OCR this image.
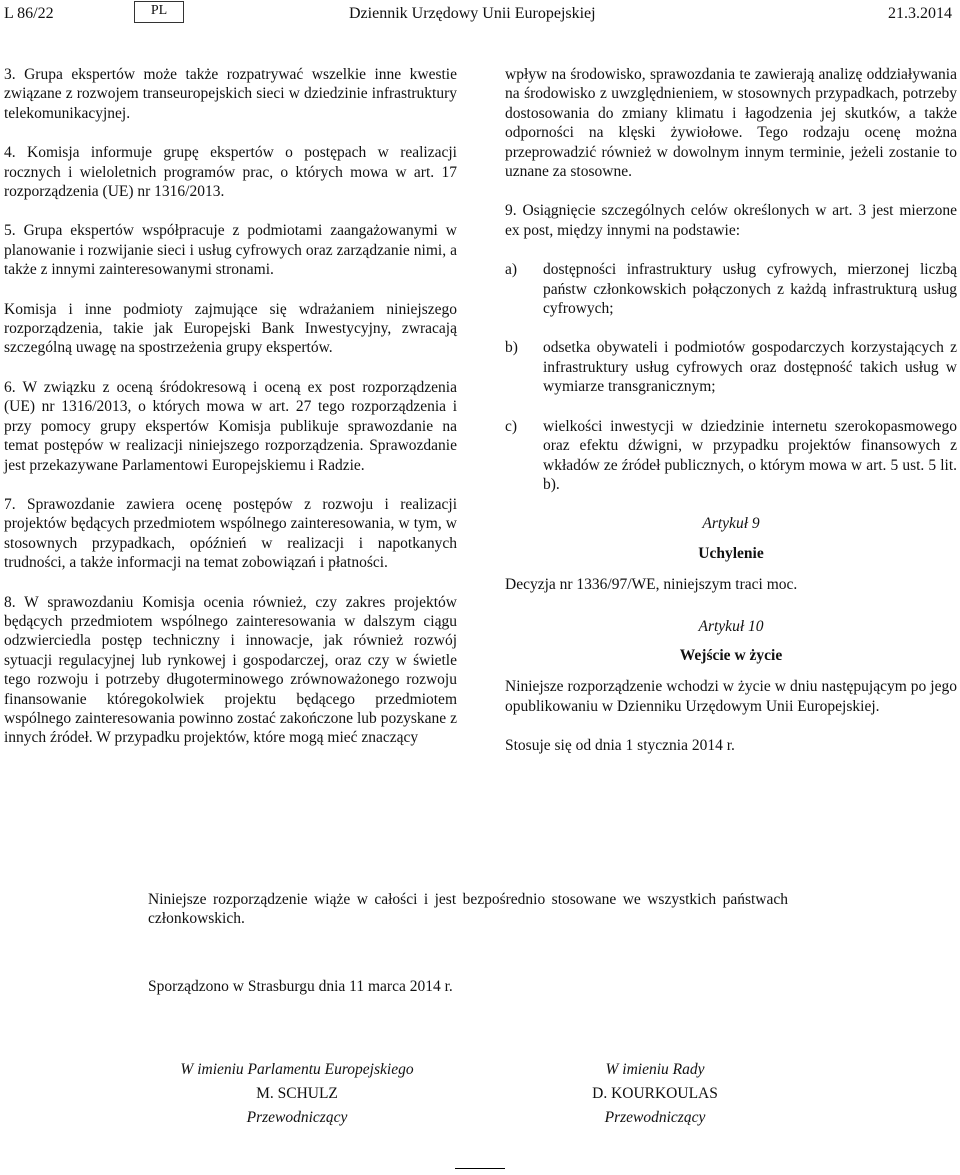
L 86/22	PL	Dziennik Urzędowy Unii Europejskiej	21.3.2014

3. Grupa ekspertów może także rozpatrywać wszelkie inne kwestie związane z rozwojem transeuropejskich sieci w dziedzinie infrastruktury telekomunikacyjnej.

4. Komisja informuje grupę ekspertów o postępach w realizacji rocznych i wieloletnich programów prac, o których mowa w art. 17 rozporządzenia (UE) nr 1316/2013.

5. Grupa ekspertów współpracuje z podmiotami zaangażowanymi w planowanie i rozwijanie sieci i usług cyfrowych oraz zarządzanie nimi, a także z innymi zainteresowanymi stronami.

Komisja i inne podmioty zajmujące się wdrażaniem niniejszego rozporządzenia, takie jak Europejski Bank Inwestycyjny, zwracają szczególną uwagę na spostrzeżenia grupy ekspertów.

6. W związku z oceną śródokresową i oceną ex post rozporządzenia (UE) nr 1316/2013, o których mowa w art. 27 tego rozporządzenia i przy pomocy grupy ekspertów Komisja publikuje sprawozdanie na temat postępów w realizacji niniejszego rozporządzenia. Sprawozdanie jest przekazywane Parlamentowi Europejskiemu i Radzie.

7. Sprawozdanie zawiera ocenę postępów z rozwoju i realizacji projektów będących przedmiotem wspólnego zainteresowania, w tym, w stosownych przypadkach, opóźnień w realizacji i napotkanych trudności, a także informacji na temat zobowiązań i płatności.

8. W sprawozdaniu Komisja ocenia również, czy zakres projektów będących przedmiotem wspólnego zainteresowania w dalszym ciągu odzwierciedla postęp techniczny i innowacje, jak również rozwój sytuacji regulacyjnej lub rynkowej i gospodarczej, oraz czy w świetle tego rozwoju i potrzeby długoterminowego zrównoważonego rozwoju finansowanie któregokolwiek projektu będącego przedmiotem wspólnego zainteresowania powinno zostać zakończone lub pozyskane z innych źródeł. W przypadku projektów, które mogą mieć znaczący

wpływ na środowisko, sprawozdania te zawierają analizę oddziaływania na środowisko z uwzględnieniem, w stosownych przypadkach, potrzeby dostosowania do zmiany klimatu i łagodzenia jej skutków, a także odporności na klęski żywiołowe. Tego rodzaju ocenę można przeprowadzić również w dowolnym innym terminie, jeżeli zostanie to uznane za stosowne.

9. Osiągnięcie szczególnych celów określonych w art. 3 jest mierzone ex post, między innymi na podstawie:

a)	dostępności infrastruktury usług cyfrowych, mierzonej liczbą państw członkowskich połączonych z każdą infrastrukturą usług cyfrowych;
b)	odsetka obywateli i podmiotów gospodarczych korzystających z infrastruktury usług cyfrowych oraz dostępność takich usług w wymiarze transgranicznym;
c)	wielkości inwestycji w dziedzinie internetu szerokopasmowego oraz efektu dźwigni, w przypadku projektów finansowych z wkładów ze źródeł publicznych, o którym mowa w art. 5 ust. 5 lit. b).

Artykuł 9

Uchylenie

Decyzja nr 1336/97/WE, niniejszym traci moc.

Artykuł 10

Wejście w życie

Niniejsze rozporządzenie wchodzi w życie w dniu następującym po jego opublikowaniu w Dzienniku Urzędowym Unii Europejskiej.

Stosuje się od dnia 1 stycznia 2014 r.

Niniejsze rozporządzenie wiąże w całości i jest bezpośrednio stosowane we wszystkich państwach członkowskich.
Sporządzono w Strasburgu dnia 11 marca 2014 r.
W imieniu Parlamentu Europejskiego
M. SCHULZ
Przewodniczący
W imieniu Rady
D. KOURKOULAS
Przewodniczący
